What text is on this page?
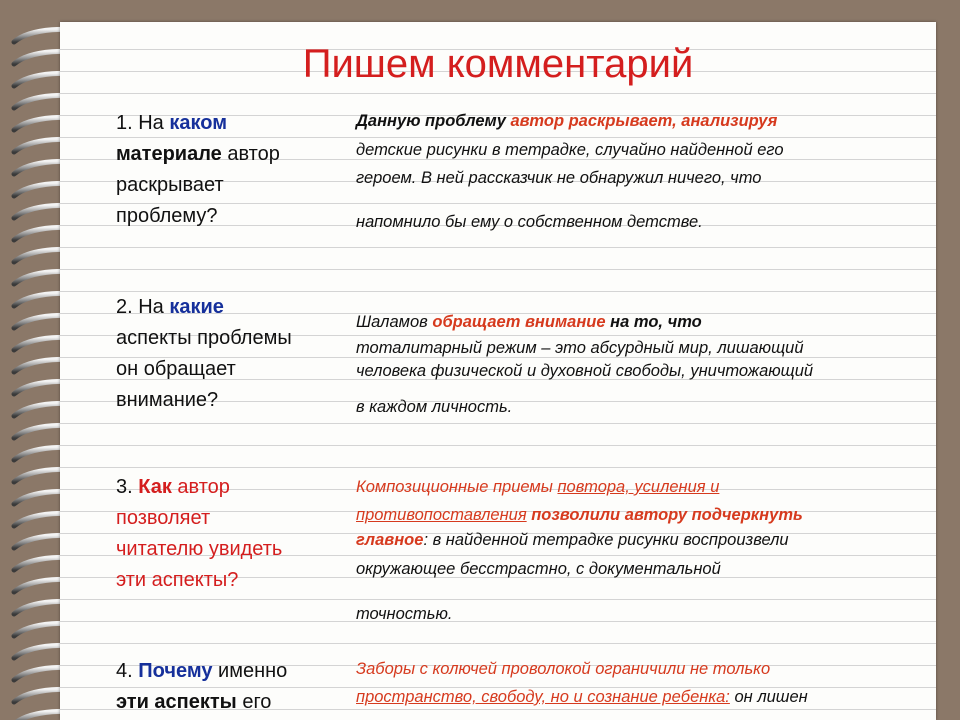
Пишем комментарий
1. На каком
материале автор
раскрывает
проблему?
Данную проблему автор раскрывает, анализируя
детские рисунки в тетрадке, случайно найденной его
героем. В ней рассказчик не обнаружил ничего, что
напомнило бы ему о собственном детстве.
2. На какие
аспекты проблемы
он обращает
внимание?
Шаламов обращает внимание на то, что
тоталитарный режим – это абсурдный мир, лишающий
человека физической и духовной свободы, уничтожающий
в каждом личность.
3. Как автор
позволяет
читателю увидеть
эти аспекты?
Композиционные приемы повтора, усиления и
противопоставления позволили автору подчеркнуть
главное: в найденной тетрадке рисунки воспроизвели
окружающее бесстрастно, с документальной
точностью.
4. Почему именно
эти аспекты его
Заборы с колючей проволокой ограничили не только
пространство, свободу, но и сознание ребенка: он лишен
